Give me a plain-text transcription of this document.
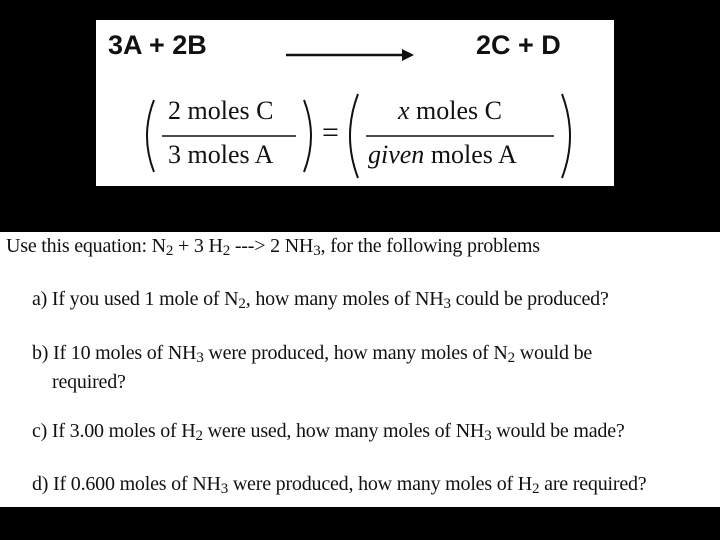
3A + 2B	2C + D
2 moles C
3 moles A
=
x moles C
given moles A
Use this equation: $N_2 + 3$ $H_2$ ---> 2 $NH_3$, for the following problems
a) If you used 1 mole of $N_2$, how many moles of $NH_3$ could be produced?
b) If 10 moles of $NH_3$ were produced, how many moles of $N_2$ would be
required?
c) If 3.00 moles of $H_2$ were used, how many moles of $NH_3$ would be made?
d) If 0.600 moles of $NH_3$ were produced, how many moles of $H_2$ are required?
